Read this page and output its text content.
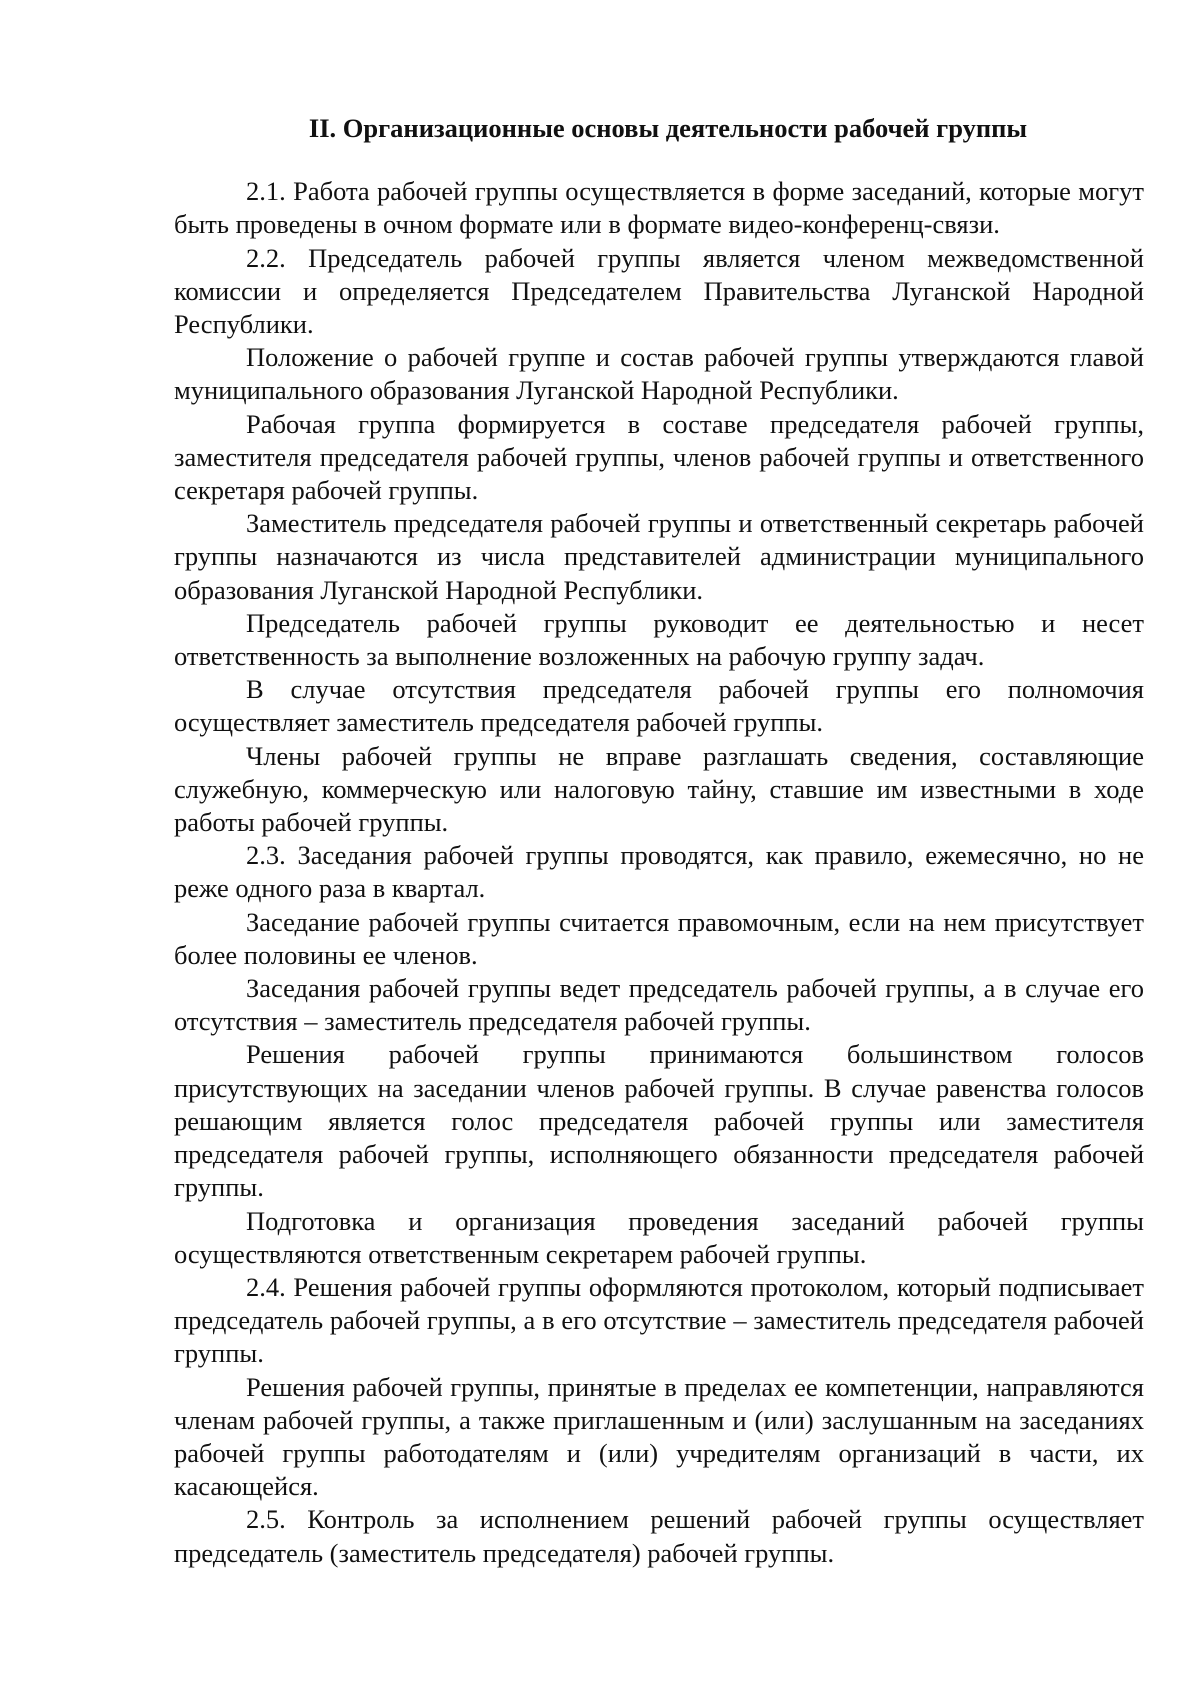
II. Организационные основы деятельности рабочей группы

2.1. Работа рабочей группы осуществляется в форме заседаний, которые могут быть проведены в очном формате или в формате видео-конференц-связи.

2.2. Председатель рабочей группы является членом межведомственной комиссии и определяется Председателем Правительства Луганской Народной Республики.

Положение о рабочей группе и состав рабочей группы утверждаются главой муниципального образования Луганской Народной Республики.

Рабочая группа формируется в составе председателя рабочей группы, заместителя председателя рабочей группы, членов рабочей группы и ответственного секретаря рабочей группы.

Заместитель председателя рабочей группы и ответственный секретарь рабочей группы назначаются из числа представителей администрации муниципального образования Луганской Народной Республики.

Председатель рабочей группы руководит ее деятельностью и несет ответственность за выполнение возложенных на рабочую группу задач.

В случае отсутствия председателя рабочей группы его полномочия осуществляет заместитель председателя рабочей группы.

Члены рабочей группы не вправе разглашать сведения, составляющие служебную, коммерческую или налоговую тайну, ставшие им известными в ходе работы рабочей группы.

2.3. Заседания рабочей группы проводятся, как правило, ежемесячно, но не реже одного раза в квартал.

Заседание рабочей группы считается правомочным, если на нем присутствует более половины ее членов.

Заседания рабочей группы ведет председатель рабочей группы, а в случае его отсутствия – заместитель председателя рабочей группы.

Решения рабочей группы принимаются большинством голосов присутствующих на заседании членов рабочей группы. В случае равенства голосов решающим является голос председателя рабочей группы или заместителя председателя рабочей группы, исполняющего обязанности председателя рабочей группы.

Подготовка и организация проведения заседаний рабочей группы осуществляются ответственным секретарем рабочей группы.

2.4. Решения рабочей группы оформляются протоколом, который подписывает председатель рабочей группы, а в его отсутствие – заместитель председателя рабочей группы.

Решения рабочей группы, принятые в пределах ее компетенции, направляются членам рабочей группы, а также приглашенным и (или) заслушанным на заседаниях рабочей группы работодателям и (или) учредителям организаций в части, их касающейся.

2.5. Контроль за исполнением решений рабочей группы осуществляет председатель (заместитель председателя) рабочей группы.
